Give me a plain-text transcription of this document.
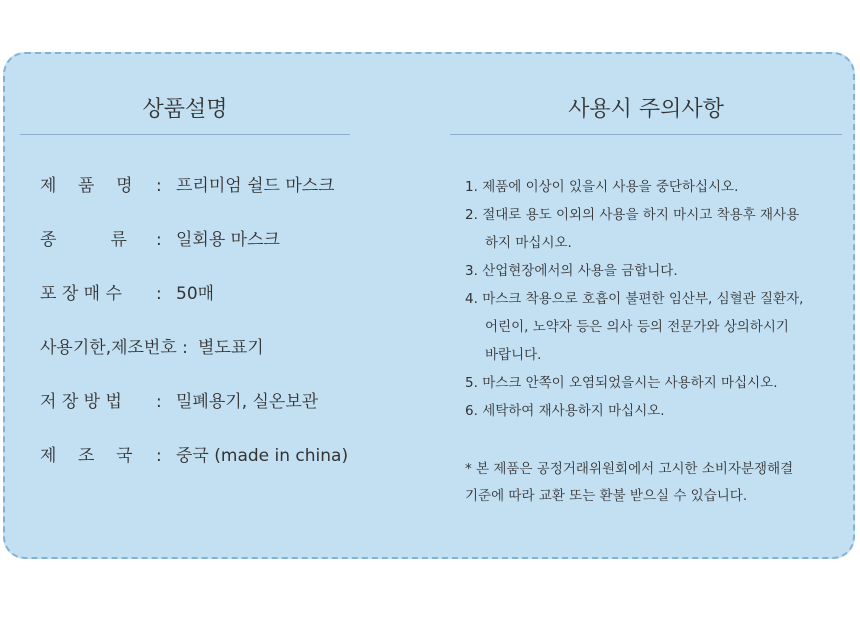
상품설명	사용시 주의사항
제    품    명 : 프리미엄 쉴드 마스크
종          류 : 일회용 마스크
포 장 매 수 : 50매
사용기한,제조번호 : 별도표기
저 장 방 법 : 밀폐용기, 실온보관
제    조    국 : 중국 (made in china)
1. 제품에 이상이 있을시 사용을 중단하십시오.
2. 절대로 용도 이외의 사용을 하지 마시고 착용후 재사용
하지 마십시오.
3. 산업현장에서의 사용을 금합니다.
4. 마스크 착용으로 호흡이 불편한 임산부, 심혈관 질환자,
어린이, 노약자 등은 의사 등의 전문가와 상의하시기
바랍니다.
5. 마스크 안쪽이 오염되었을시는 사용하지 마십시오.
6. 세탁하여 재사용하지 마십시오.
* 본 제품은 공정거래위원회에서 고시한 소비자분쟁해결
기준에 따라 교환 또는 환불 받으실 수 있습니다.
